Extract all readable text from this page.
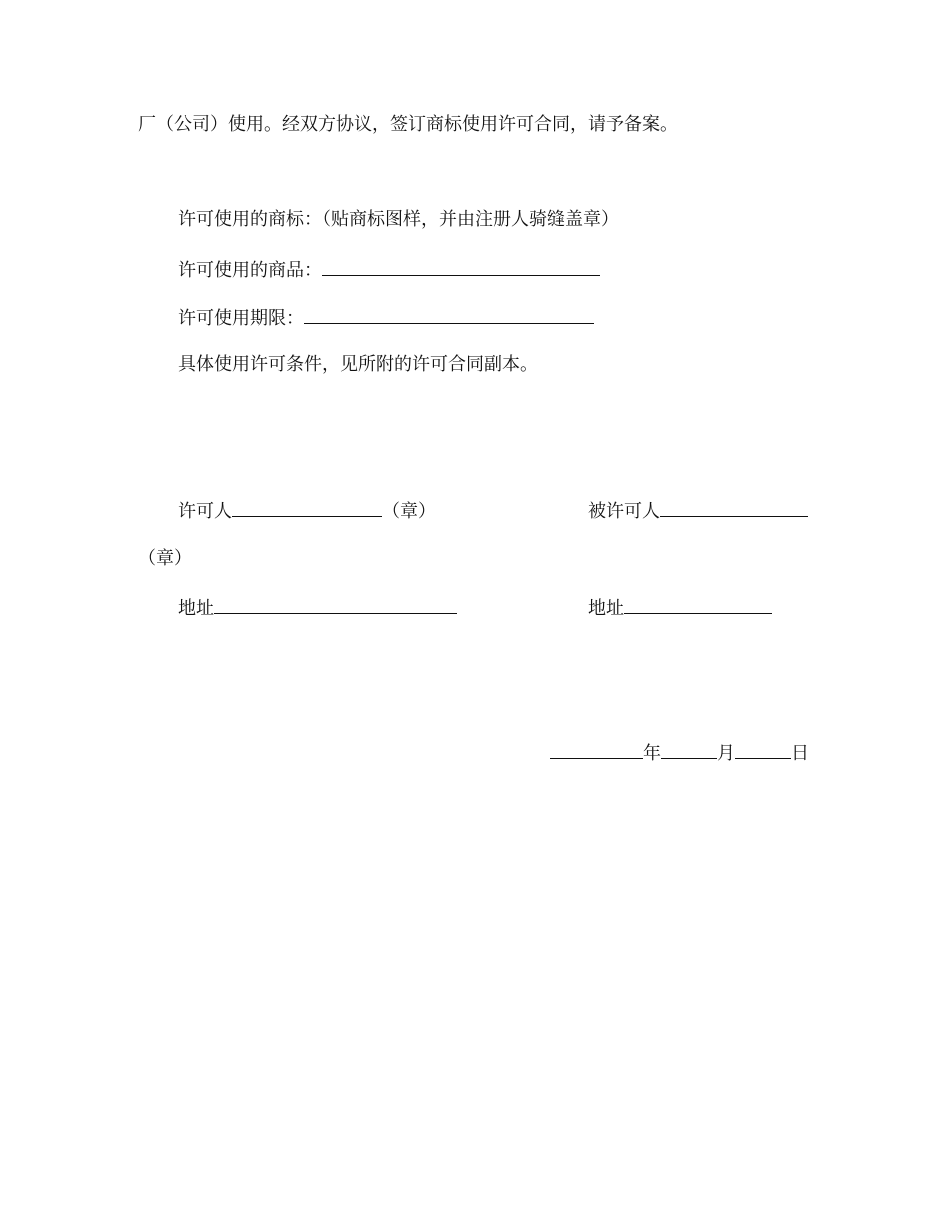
厂（公司）使用。经双方协议，签订商标使用许可合同，请予备案。
许可使用的商标：（贴商标图样，并由注册人骑缝盖章）
许可使用的商品：
许可使用期限：
具体使用许可条件，见所附的许可合同副本。
许可人	（章）	被许可人
（章）
地址	地址
年	月	日
